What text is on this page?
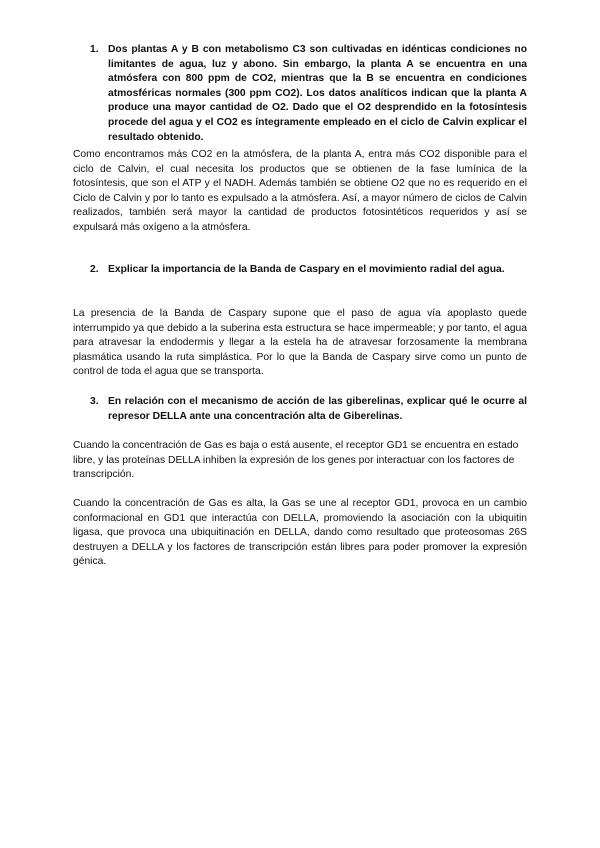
1. Dos plantas A y B con metabolismo C3 son cultivadas en idénticas condiciones no limitantes de agua, luz y abono. Sin embargo, la planta A se encuentra en una atmósfera con 800 ppm de CO2, mientras que la B se encuentra en condiciones atmosféricas normales (300 ppm CO2). Los datos analíticos indican que la planta A produce una mayor cantidad de O2. Dado que el O2 desprendido en la fotosíntesis procede del agua y el CO2 es íntegramente empleado en el ciclo de Calvin explicar el resultado obtenido.

Como encontramos más CO2 en la atmósfera, de la planta A, entra más CO2 disponible para el ciclo de Calvin, el cual necesita los productos que se obtienen de la fase lumínica de la fotosíntesis, que son el ATP y el NADH. Además también se obtiene O2 que no es requerido en el Ciclo de Calvin y por lo tanto es expulsado a la atmósfera. Así, a mayor número de ciclos de Calvin realizados, también será mayor la cantidad de productos fotosintéticos requeridos y así se expulsará más oxígeno a la atmósfera.

2. Explicar la importancia de la Banda de Caspary en el movimiento radial del agua.

La presencia de la Banda de Caspary supone que el paso de agua vía apoplasto quede interrumpido ya que debido a la suberina esta estructura se hace impermeable; y por tanto, el agua para atravesar la endodermis y llegar a la estela ha de atravesar forzosamente la membrana plasmática usando la ruta simplástica. Por lo que la Banda de Caspary sirve como un punto de control de toda el agua que se transporta.

3. En relación con el mecanismo de acción de las giberelinas, explicar qué le ocurre al represor DELLA ante una concentración alta de Giberelinas.

Cuando la concentración de Gas es baja o está ausente, el receptor GD1 se encuentra en estado libre, y las proteínas DELLA inhiben la expresión de los genes por interactuar con los factores de transcripción.

Cuando la concentración de Gas es alta, la Gas se une al receptor GD1, provoca en un cambio conformacional en GD1 que interactúa con DELLA, promoviendo la asociación con la ubiquitin ligasa, que provoca una ubiquitinación en DELLA, dando como resultado que proteosomas 26S destruyen a DELLA y los factores de transcripción están libres para poder promover la expresión génica.
